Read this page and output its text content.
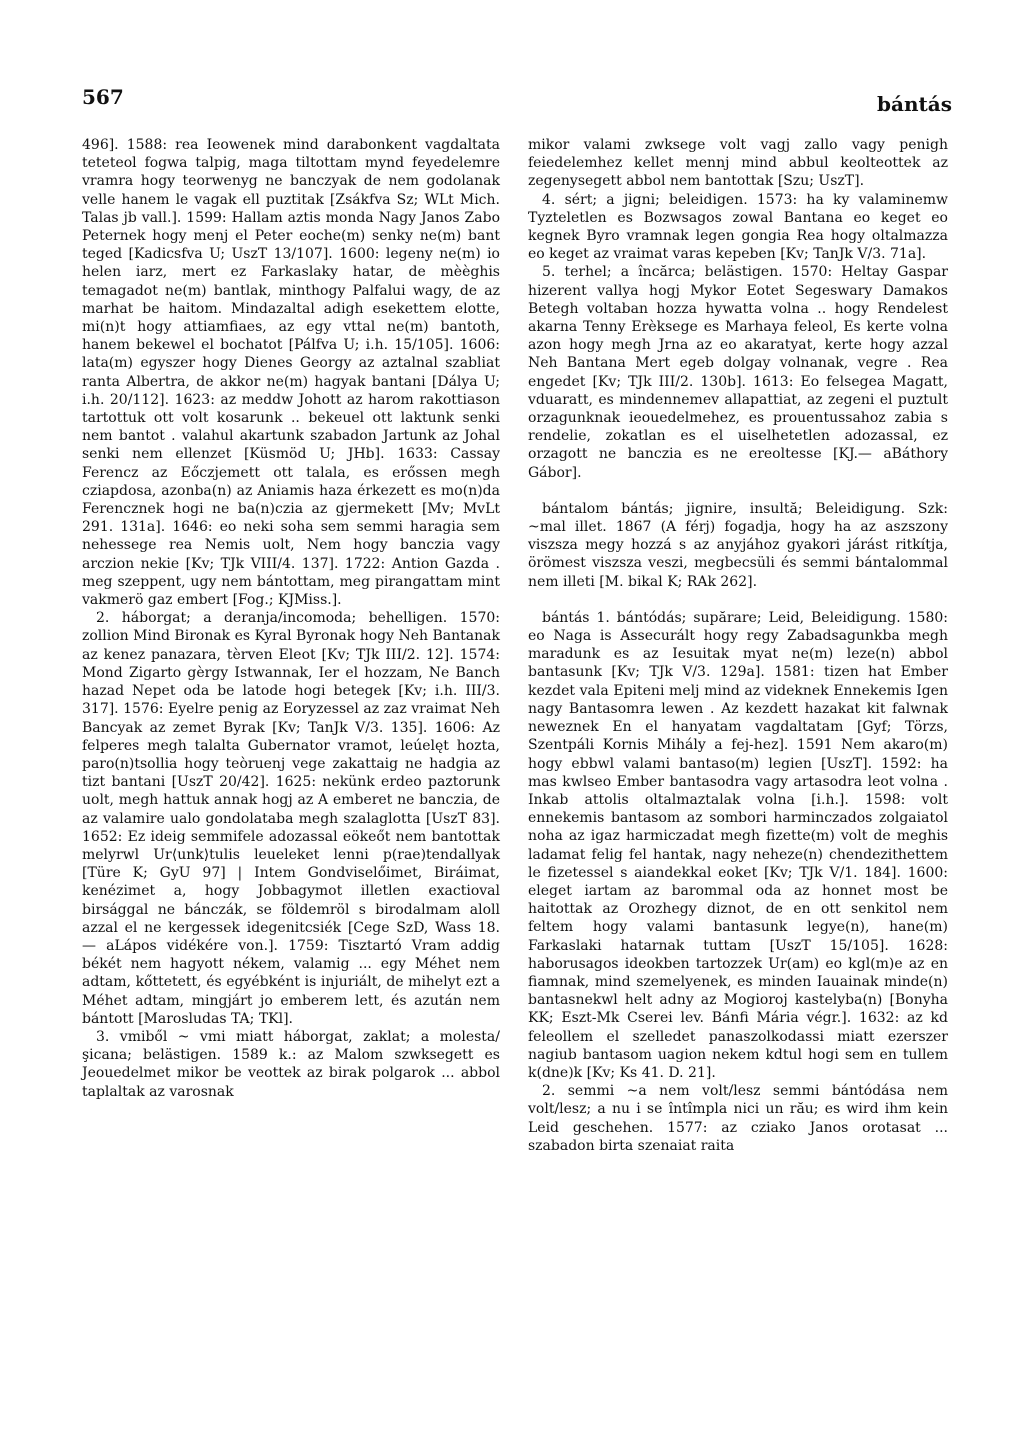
567	bántás

496]. 1588: rea Ieowenek mind darabonkent vagdaltata teteteol fogwa talpig, maga tiltottam mynd feyedelemre vramra hogy teorwenyg ne banczyak de nem godolanak velle hanem le vagak ell puztitak [Zsákfva Sz; WLt Mich. Talas jb vall.]. 1599: Hallam aztis monda Nagy Janos Zabo Peternek hogy menj el Peter eoche(m) senky ne(m) bant teged [Kadicsfva U; UszT 13/107]. 1600: legeny ne(m) io helen iarz, mert ez Farkaslaky hatar, de mèèghis temagadot ne(m) bantlak, minthogy Palfalui wagy, de az marhat be haitom. Mindazaltal adigh esekettem elotte, mi(n)t hogy attiamfiaes, az egy vttal ne(m) bantoth, hanem bekewel el bochatot [Pálfva U; i.h. 15/105]. 1606: lata(m) egyszer hogy Dienes Georgy az aztalnal szabliat ranta Albertra, de akkor ne(m) hagyak bantani [Dálya U; i.h. 20/112]. 1623: az meddw Johott az harom rakottiason tartottuk ott volt kosarunk .. bekeuel ott laktunk senki nem bantot . valahul akartunk szabadon Jartunk az Johal senki nem ellenzet [Küsmöd U; JHb]. 1633: Cassay Ferencz az Eőczjemett ott talala, es erőssen megh cziapdosa, azonba(n) az Aniamis haza érkezett es mo(n)da Ferencznek hogi ne ba(n)czia az gjermekett [Mv; MvLt 291. 131a]. 1646: eo neki soha sem semmi haragia sem nehessege rea Nemis uolt, Nem hogy banczia vagy arczion nekie [Kv; TJk VIII/4. 137]. 1722: Antion Gazda . meg szeppent, ugy nem bántottam, meg pirangattam mint vakmerö gaz embert [Fog.; KJMiss.].

2. háborgat; a deranja/incomoda; behelligen. 1570: zollion Mind Bironak es Kyral Byronak hogy Neh Bantanak az kenez panazara, tèrven Eleot [Kv; TJk III/2. 12]. 1574: Mond Zigarto gèrgy Istwannak, Ier el hozzam, Ne Banch hazad Nepet oda be latode hogi betegek [Kv; i.h. III/3. 317]. 1576: Eyelre penig az Eoryzessel az zaz vraimat Neh Bancyak az zemet Byrak [Kv; TanJk V/3. 135]. 1606: Az felperes megh talalta Gubernator vramot, leúelęt hozta, paro(n)tsollia hogy teòruenj vege zakattaig ne hadgia az tizt bantani [UszT 20/42]. 1625: nekünk erdeo paztorunk uolt, megh hattuk annak hogj az A emberet ne banczia, de az valamire ualo gondolataba megh szalaglotta [UszT 83]. 1652: Ez ideig semmifele adozassal eökeőt nem bantottak melyrwl Ur⟨unk⟩tulis leueleket lenni p(rae)tendallyak [Türe K; GyU 97] | Intem Gondviselőimet, Biráimat, kenézimet a, hogy Jobbagymot illetlen exactioval birsággal ne bánczák, se földemröl s birodalmam aloll azzal el ne kergessek idegenitcsiék [Cege SzD, Wass 18. — aLápos vidékére von.]. 1759: Tisztartó Vram addig békét nem hagyott nékem, valamig ... egy Méhet nem adtam, kőttetett, és egyébként is injuriált, de mihelyt ezt a Méhet adtam, mingjárt jo emberem lett, és azután nem bántott [Marosludas TA; TKl].

3. vmiből ~ vmi miatt háborgat, zaklat; a molesta/şicana; belästigen. 1589 k.: az Malom szwksegett es Jeouedelmet mikor be veottek az birak polgarok ... abbol taplaltak az varosnak

mikor valami zwksege volt vagj zallo vagy penigh feiedelemhez kellet mennj mind abbul keolteottek az zegenysegett abbol nem bantottak [Szu; UszT].

4. sért; a jigni; beleidigen. 1573: ha ky valaminemw Tyzteletlen es Bozwsagos zowal Bantana eo keget eo kegnek Byro vramnak legen gongia Rea hogy oltalmazza eo keget az vraimat varas kepeben [Kv; TanJk V/3. 71a].

5. terhel; a încărca; belästigen. 1570: Heltay Gaspar hizerent vallya hogj Mykor Eotet Segeswary Damakos Betegh voltaban hozza hywatta volna .. hogy Rendelest akarna Tenny Erèksege es Marhaya feleol, Es kerte volna azon hogy megh Jrna az eo akaratyat, kerte hogy azzal Neh Bantana Mert egeb dolgay volnanak, vegre . Rea engedet [Kv; TJk III/2. 130b]. 1613: Eo felsegea Magatt, vduaratt, es mindennemev allapattiat, az zegeni el puztult orzagunknak ieouedelmehez, es prouentussahoz zabia s rendelie, zokatlan es el uiselhetetlen adozassal, ez orzagott ne banczia es ne ereoltesse [KJ.— aBáthory Gábor].

bántalom bántás; jignire, insultă; Beleidigung. Szk: ~mal illet. 1867 (A férj) fogadja, hogy ha az aszszony viszsza megy hozzá s az anyjához gyakori járást ritkítja, örömest viszsza veszi, megbecsüli és semmi bántalommal nem illeti [M. bikal K; RAk 262].

bántás 1. bántódás; supărare; Leid, Beleidigung. 1580: eo Naga is Assecurált hogy regy Zabadsagunkba megh maradunk es az Iesuitak myat ne(m) leze(n) abbol bantasunk [Kv; TJk V/3. 129a]. 1581: tizen hat Ember kezdet vala Epiteni melj mind az videknek Ennekemis Igen nagy Bantasomra lewen . Az kezdett hazakat kit falwnak neweznek En el hanyatam vagdaltatam [Gyf; Törzs, Szentpáli Kornis Mihály a fej-hez]. 1591 Nem akaro(m) hogy ebbwl valami bantaso(m) legien [UszT]. 1592: ha mas kwlseo Ember bantasodra vagy artasodra leot volna . Inkab attolis oltalmaztalak volna [i.h.]. 1598: volt ennekemis bantasom az sombori harminczados zolgaiatol noha az igaz harmiczadat megh fizette(m) volt de meghis ladamat felig fel hantak, nagy neheze(n) chendezithettem le fizetessel s aiandekkal eoket [Kv; TJk V/1. 184]. 1600: eleget iartam az barommal oda az honnet most be haitottak az Orozhegy diznot, de en ott senkitol nem feltem hogy valami bantasunk legye(n), hane(m) Farkaslaki hatarnak tuttam [UszT 15/105]. 1628: haborusagos ideokben tartozzek Ur(am) eo kgl(m)e az en fiamnak, mind szemelyenek, es minden Iauainak minde(n) bantasnekwl helt adny az Mogioroj kastelyba(n) [Bonyha KK; Eszt-Mk Cserei lev. Bánfi Mária végr.]. 1632: az kd feleollem el szelledet panaszolkodassi miatt ezerszer nagiub bantasom uagion nekem kdtul hogi sem en tullem k(dne)k [Kv; Ks 41. D. 21].

2. semmi ~a nem volt/lesz semmi bántódása nem volt/lesz; a nu i se întîmpla nici un rău; es wird ihm kein Leid geschehen. 1577: az cziako Janos orotasat ... szabadon birta szenaiat raita
